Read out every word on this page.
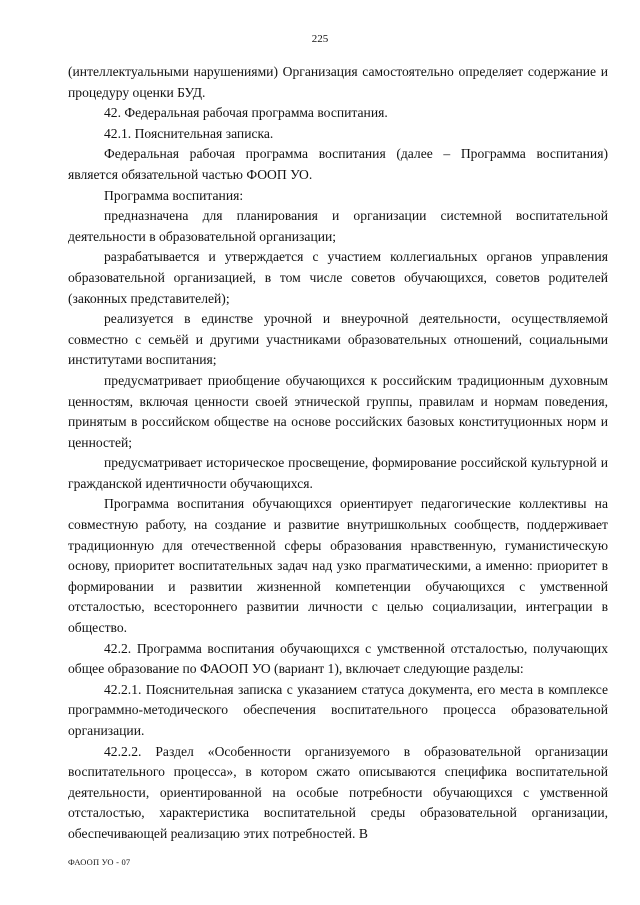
225

(интеллектуальными нарушениями) Организация самостоятельно определяет содержание и процедуру оценки БУД.

42. Федеральная рабочая программа воспитания.

42.1. Пояснительная записка.

Федеральная рабочая программа воспитания (далее – Программа воспитания) является обязательной частью ФООП УО.

Программа воспитания:

предназначена для планирования и организации системной воспитательной деятельности в образовательной организации;

разрабатывается и утверждается с участием коллегиальных органов управления образовательной организацией, в том числе советов обучающихся, советов родителей (законных представителей);

реализуется в единстве урочной и внеурочной деятельности, осуществляемой совместно с семьёй и другими участниками образовательных отношений, социальными институтами воспитания;

предусматривает приобщение обучающихся к российским традиционным духовным ценностям, включая ценности своей этнической группы, правилам и нормам поведения, принятым в российском обществе на основе российских базовых конституционных норм и ценностей;

предусматривает историческое просвещение, формирование российской культурной и гражданской идентичности обучающихся.

Программа воспитания обучающихся ориентирует педагогические коллективы на совместную работу, на создание и развитие внутришкольных сообществ, поддерживает традиционную для отечественной сферы образования нравственную, гуманистическую основу, приоритет воспитательных задач над узко прагматическими, а именно: приоритет в формировании и развитии жизненной компетенции обучающихся с умственной отсталостью, всестороннего развитии личности с целью социализации, интеграции в общество.

42.2. Программа воспитания обучающихся с умственной отсталостью, получающих общее образование по ФАООП УО (вариант 1), включает следующие разделы:

42.2.1. Пояснительная записка с указанием статуса документа, его места в комплексе программно-методического обеспечения воспитательного процесса образовательной организации.

42.2.2. Раздел «Особенности организуемого в образовательной организации воспитательного процесса», в котором сжато описываются специфика воспитательной деятельности, ориентированной на особые потребности обучающихся с умственной отсталостью, характеристика воспитательной среды образовательной организации, обеспечивающей реализацию этих потребностей. В

ФАООП УО - 07
